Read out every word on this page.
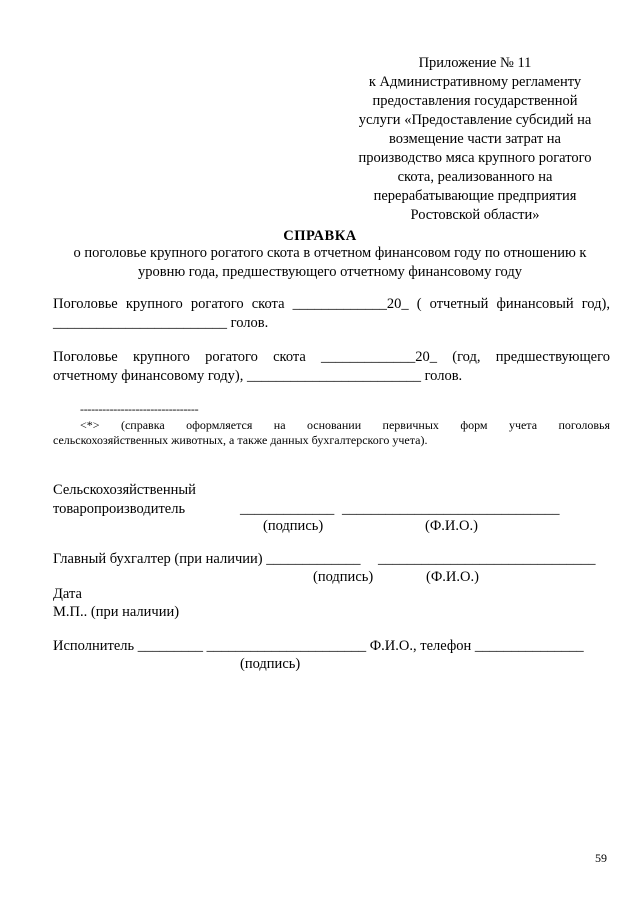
Приложение № 11
к Административному регламенту
предоставления государственной
услуги «Предоставление субсидий на
возмещение части затрат на
производство мяса крупного рогатого
скота, реализованного на
перерабатывающие предприятия
Ростовской области»
СПРАВКА
о поголовье крупного рогатого скота в отчетном финансовом году по отношению к
уровню года, предшествующего отчетному финансовому году
Поголовье крупного рогатого скота _____________20_ ( отчетный финансовый год),
________________________ голов.
Поголовье крупного рогатого скота _____________20_ (год, предшествующего
отчетному финансовому году), ________________________ голов.
--------------------------------
<*> (справка оформляется на основании первичных форм учета поголовья
сельскохозяйственных животных, а также данных бухгалтерского учета).
Сельскохозяйственный
товаропроизводитель	_____________ ______________________________
(подпись)	(Ф.И.О.)
Главный бухгалтер (при наличии) _____________ ______________________________
(подпись)	(Ф.И.О.)
Дата
М.П.. (при наличии)
Исполнитель _________ ______________________ Ф.И.О., телефон _______________
(подпись)
59
